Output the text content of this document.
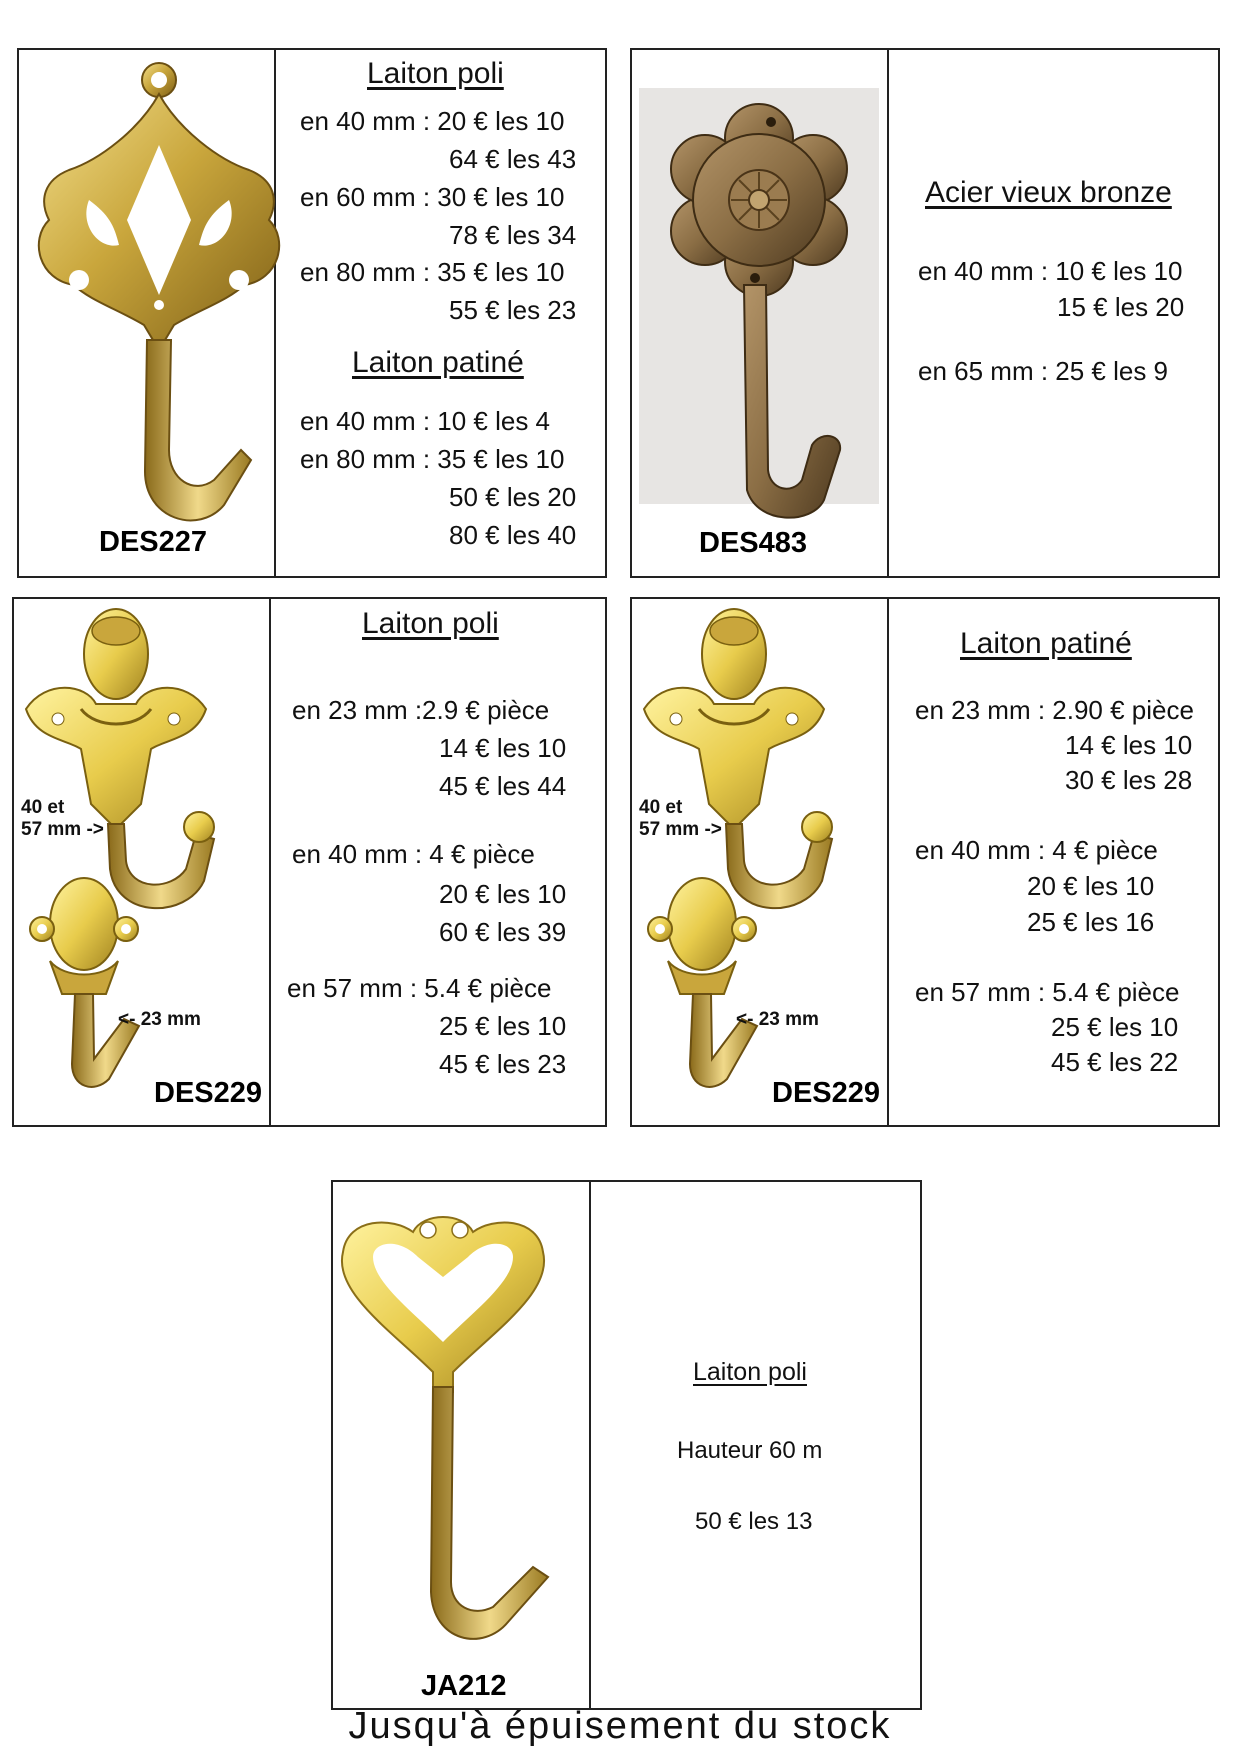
DES227
Laiton poli
en 40 mm : 20 € les 10
64 € les 43
en 60 mm : 30 € les 10
78 € les 34
en 80 mm : 35 € les 10
55 € les 23
Laiton patiné
en 40 mm : 10 € les 4
en 80 mm : 35 € les 10
50 € les 20
80 € les 40	DES483
Acier vieux bronze
en 40 mm : 10 € les 10
15 € les 20
en 65 mm : 25 € les 9
40 et
57 mm ->
<- 23 mm
DES229
Laiton poli
en 23 mm :2.9 € pièce
14 € les 10
45 € les 44
en 40 mm : 4 € pièce
20 € les 10
60 € les 39
en 57 mm : 5.4 € pièce
25 € les 10
45 € les 23
40 et
57 mm ->
<- 23 mm
DES229
Laiton patiné
en 23 mm : 2.90 € pièce
14 € les 10
30 € les 28
en 40 mm : 4 € pièce
20 € les 10
25 € les 16
en 57 mm : 5.4 € pièce
25 € les 10
45 € les 22
JA212
Laiton poli
Hauteur 60 m
50 € les 13
Jusqu'à épuisement du stock
